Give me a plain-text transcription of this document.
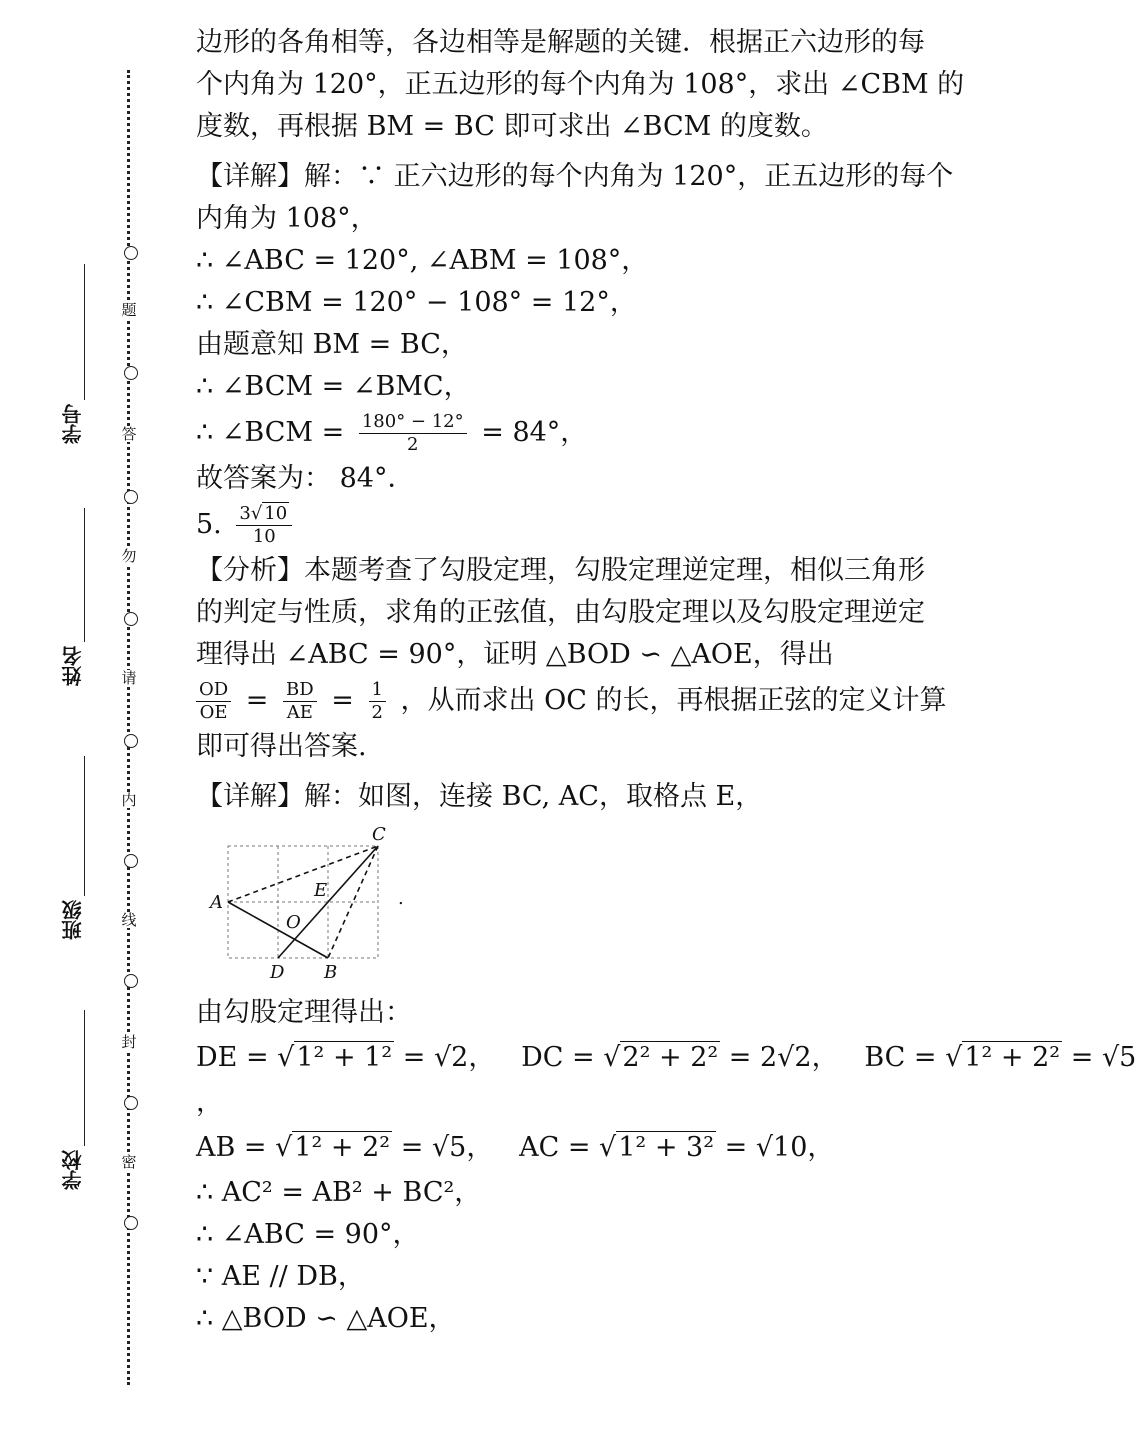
题
答
勿
请
内
线
封
密
学号
姓名
班级
学校

边形的各角相等，各边相等是解题的关键．根据正六边形的每

个内角为 120°，正五边形的每个内角为 108°，求出 ∠CBM 的

度数，再根据 BM = BC 即可求出 ∠BCM 的度数。

【详解】解：∵ 正六边形的每个内角为 120°，正五边形的每个

内角为 108°，

∴ ∠ABC = 120°, ∠ABM = 108°，

∴ ∠CBM = 120° − 108° = 12°，

由题意知 BM = BC，

∴ ∠BCM = ∠BMC，

∴ ∠BCM = $\frac{180^\circ - 12^\circ}{2} = 84^\circ$，

故答案为： 84°．

5. $\frac{3√ 10}{10}$

【分析】本题考查了勾股定理，勾股定理逆定理，相似三角形

的判定与性质，求角的正弦值，由勾股定理以及勾股定理逆定

理得出 ∠ABC = 90°，证明 △BOD ∽ △AOE，得出

$\frac{OD}{OE} = \frac{BD}{AE} = \frac{1}{2}$ ，从而求出 OC 的长，再根据正弦的定义计算

即可得出答案.

【详解】解：如图，连接 BC, AC，取格点 E，

A
B
C
D
E
O
.

由勾股定理得出：

DE = √1² + 1² = √2， DC = √2² + 2² = 2√2， BC = √1² + 2² = √5

，

AB = √1² + 2² = √5， AC = √1² + 3² = √10，

∴ AC² = AB² + BC²，

∴ ∠ABC = 90°，

∵ AE // DB，

∴ △BOD ∽ △AOE，
